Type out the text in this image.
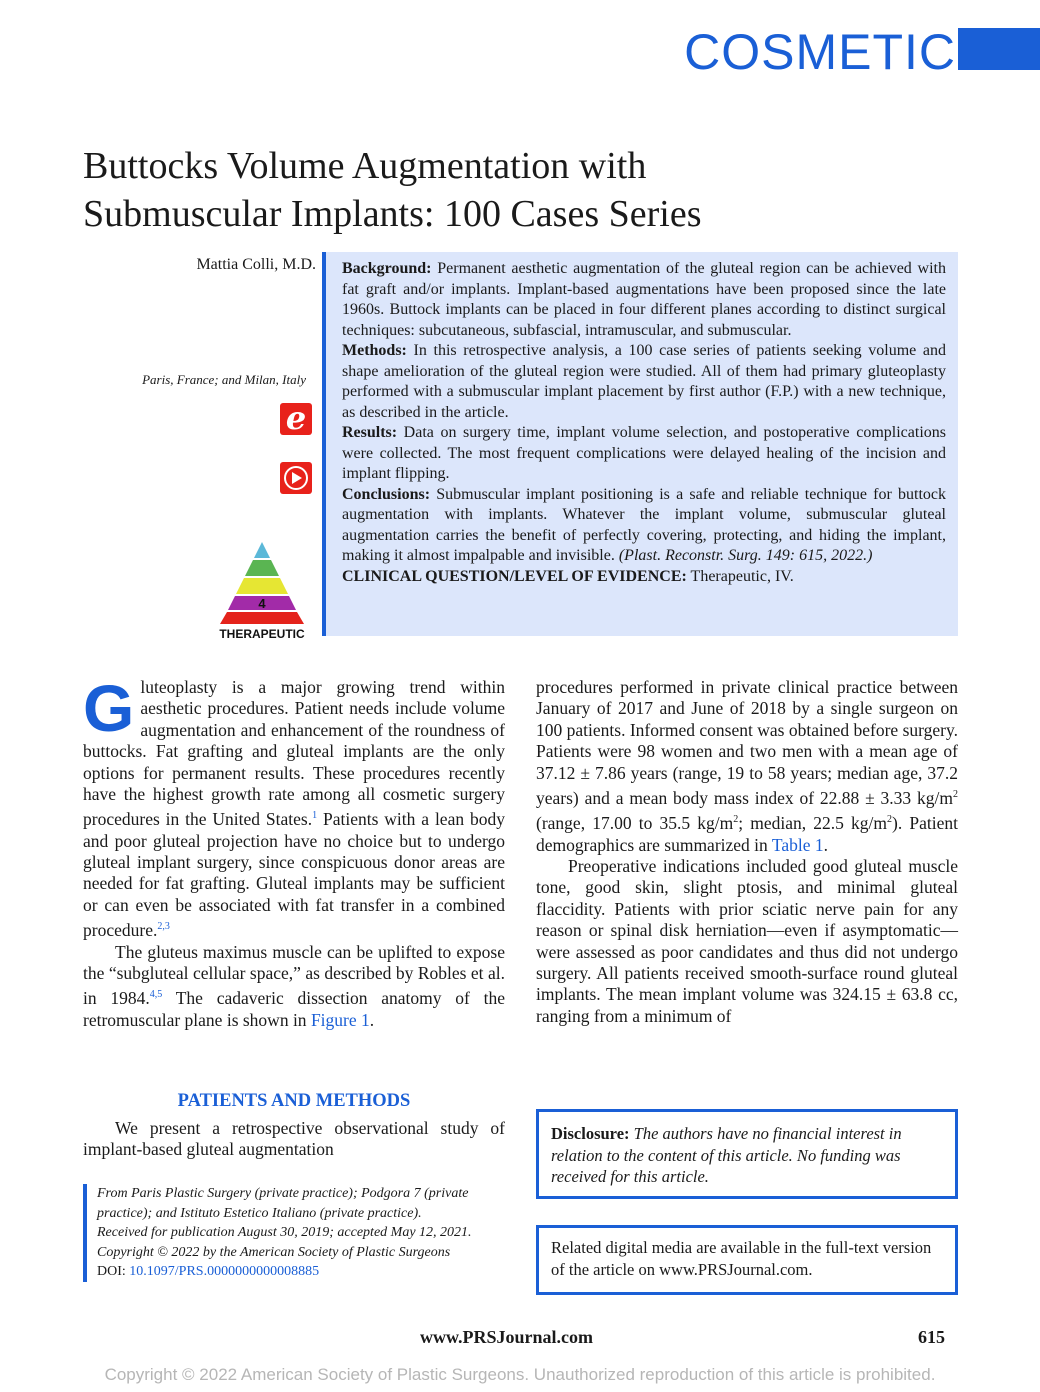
COSMETIC
Buttocks Volume Augmentation with
Submuscular Implants: 100 Cases Series
Mattia Colli, M.D.
Paris, France; and Milan, Italy
e
4
THERAPEUTIC

Background: Permanent aesthetic augmentation of the gluteal region can be achieved with fat graft and/or implants. Implant-based augmentations have been proposed since the late 1960s. Buttock implants can be placed in four different planes according to distinct surgical techniques: subcutaneous, subfascial, intramuscular, and submuscular.

Methods: In this retrospective analysis, a 100 case series of patients seeking volume and shape amelioration of the gluteal region were studied. All of them had primary gluteoplasty performed with a submuscular implant placement by first author (F.P.) with a new technique, as described in the article.

Results: Data on surgery time, implant volume selection, and postoperative complications were collected. The most frequent complications were delayed healing of the incision and implant flipping.

Conclusions: Submuscular implant positioning is a safe and reliable technique for buttock augmentation with implants. Whatever the implant volume, submuscular gluteal augmentation carries the benefit of perfectly covering, protecting, and hiding the implant, making it almost impalpable and invisible. (Plast. Reconstr. Surg. 149: 615, 2022.)

CLINICAL QUESTION/LEVEL OF EVIDENCE: Therapeutic, IV.

Gluteoplasty is a major growing trend within aesthetic procedures. Patient needs include volume augmentation and enhancement of the roundness of buttocks. Fat grafting and gluteal implants are the only options for permanent results. These procedures recently have the highest growth rate among all cosmetic surgery procedures in the United States.$^1$ Patients with a lean body and poor gluteal projection have no choice but to undergo gluteal implant surgery, since conspicuous donor areas are needed for fat grafting. Gluteal implants may be sufficient or can even be associated with fat transfer in a combined procedure.$^{2,3}$

The gluteus maximus muscle can be uplifted to expose the “subgluteal cellular space,” as described by Robles et al. in 1984.$^{4,5}$ The cadaveric dissection anatomy of the retromuscular plane is shown in Figure 1.

PATIENTS AND METHODS

We present a retrospective observational study of implant-based gluteal augmentation

From Paris Plastic Surgery (private practice); Podgora 7 (private practice); and Istituto Estetico Italiano (private practice).
Received for publication August 30, 2019; accepted May 12, 2021.
Copyright © 2022 by the American Society of Plastic Surgeons
DOI: 10.1097/PRS.0000000000008885

procedures performed in private clinical practice between January of 2017 and June of 2018 by a single surgeon on 100 patients. Informed consent was obtained before surgery. Patients were 98 women and two men with a mean age of 37.12 ± 7.86 years (range, 19 to 58 years; median age, 37.2 years) and a mean body mass index of 22.88 ± 3.33 $kg/m^2$ (range, 17.00 to 35.5 $kg/m^2$; median, 22.5 $kg/m^2$). Patient demographics are summarized in Table 1.

Preoperative indications included good gluteal muscle tone, good skin, slight ptosis, and minimal gluteal flaccidity. Patients with prior sciatic nerve pain for any reason or spinal disk herniation—even if asymptomatic—were assessed as poor candidates and thus did not undergo surgery. All patients received smooth-surface round gluteal implants. The mean implant volume was 324.15 ± 63.8 cc, ranging from a minimum of

Disclosure: The authors have no financial interest in relation to the content of this article. No funding was received for this article.
Related digital media are available in the full-text version of the article on www.PRSJournal.com.
www.PRSJournal.com	615
Copyright © 2022 American Society of Plastic Surgeons. Unauthorized reproduction of this article is prohibited.
